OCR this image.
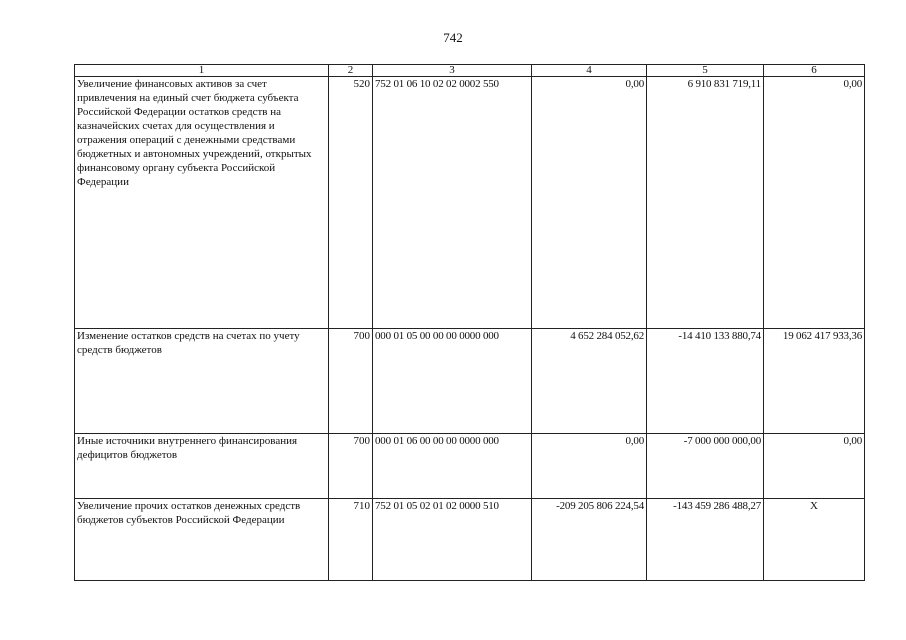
742
1	2	3	4	5	6
Увеличение финансовых активов за счет привлечения на единый счет бюджета субъекта Российской Федерации остатков средств на казначейских счетах для осуществления и отражения операций с денежными средствами бюджетных и автономных учреждений, открытых финансовому органу субъекта Российской Федерации	520	752 01 06 10 02 02 0002 550	0,00	6 910 831 719,11	0,00
Изменение остатков средств на счетах по учету средств бюджетов	700	000 01 05 00 00 00 0000 000	4 652 284 052,62	-14 410 133 880,74	19 062 417 933,36
Иные источники внутреннего финансирования дефицитов бюджетов	700	000 01 06 00 00 00 0000 000	0,00	-7 000 000 000,00	0,00
Увеличение прочих остатков денежных средств бюджетов субъектов Российской Федерации	710	752 01 05 02 01 02 0000 510	-209 205 806 224,54	-143 459 286 488,27	X
